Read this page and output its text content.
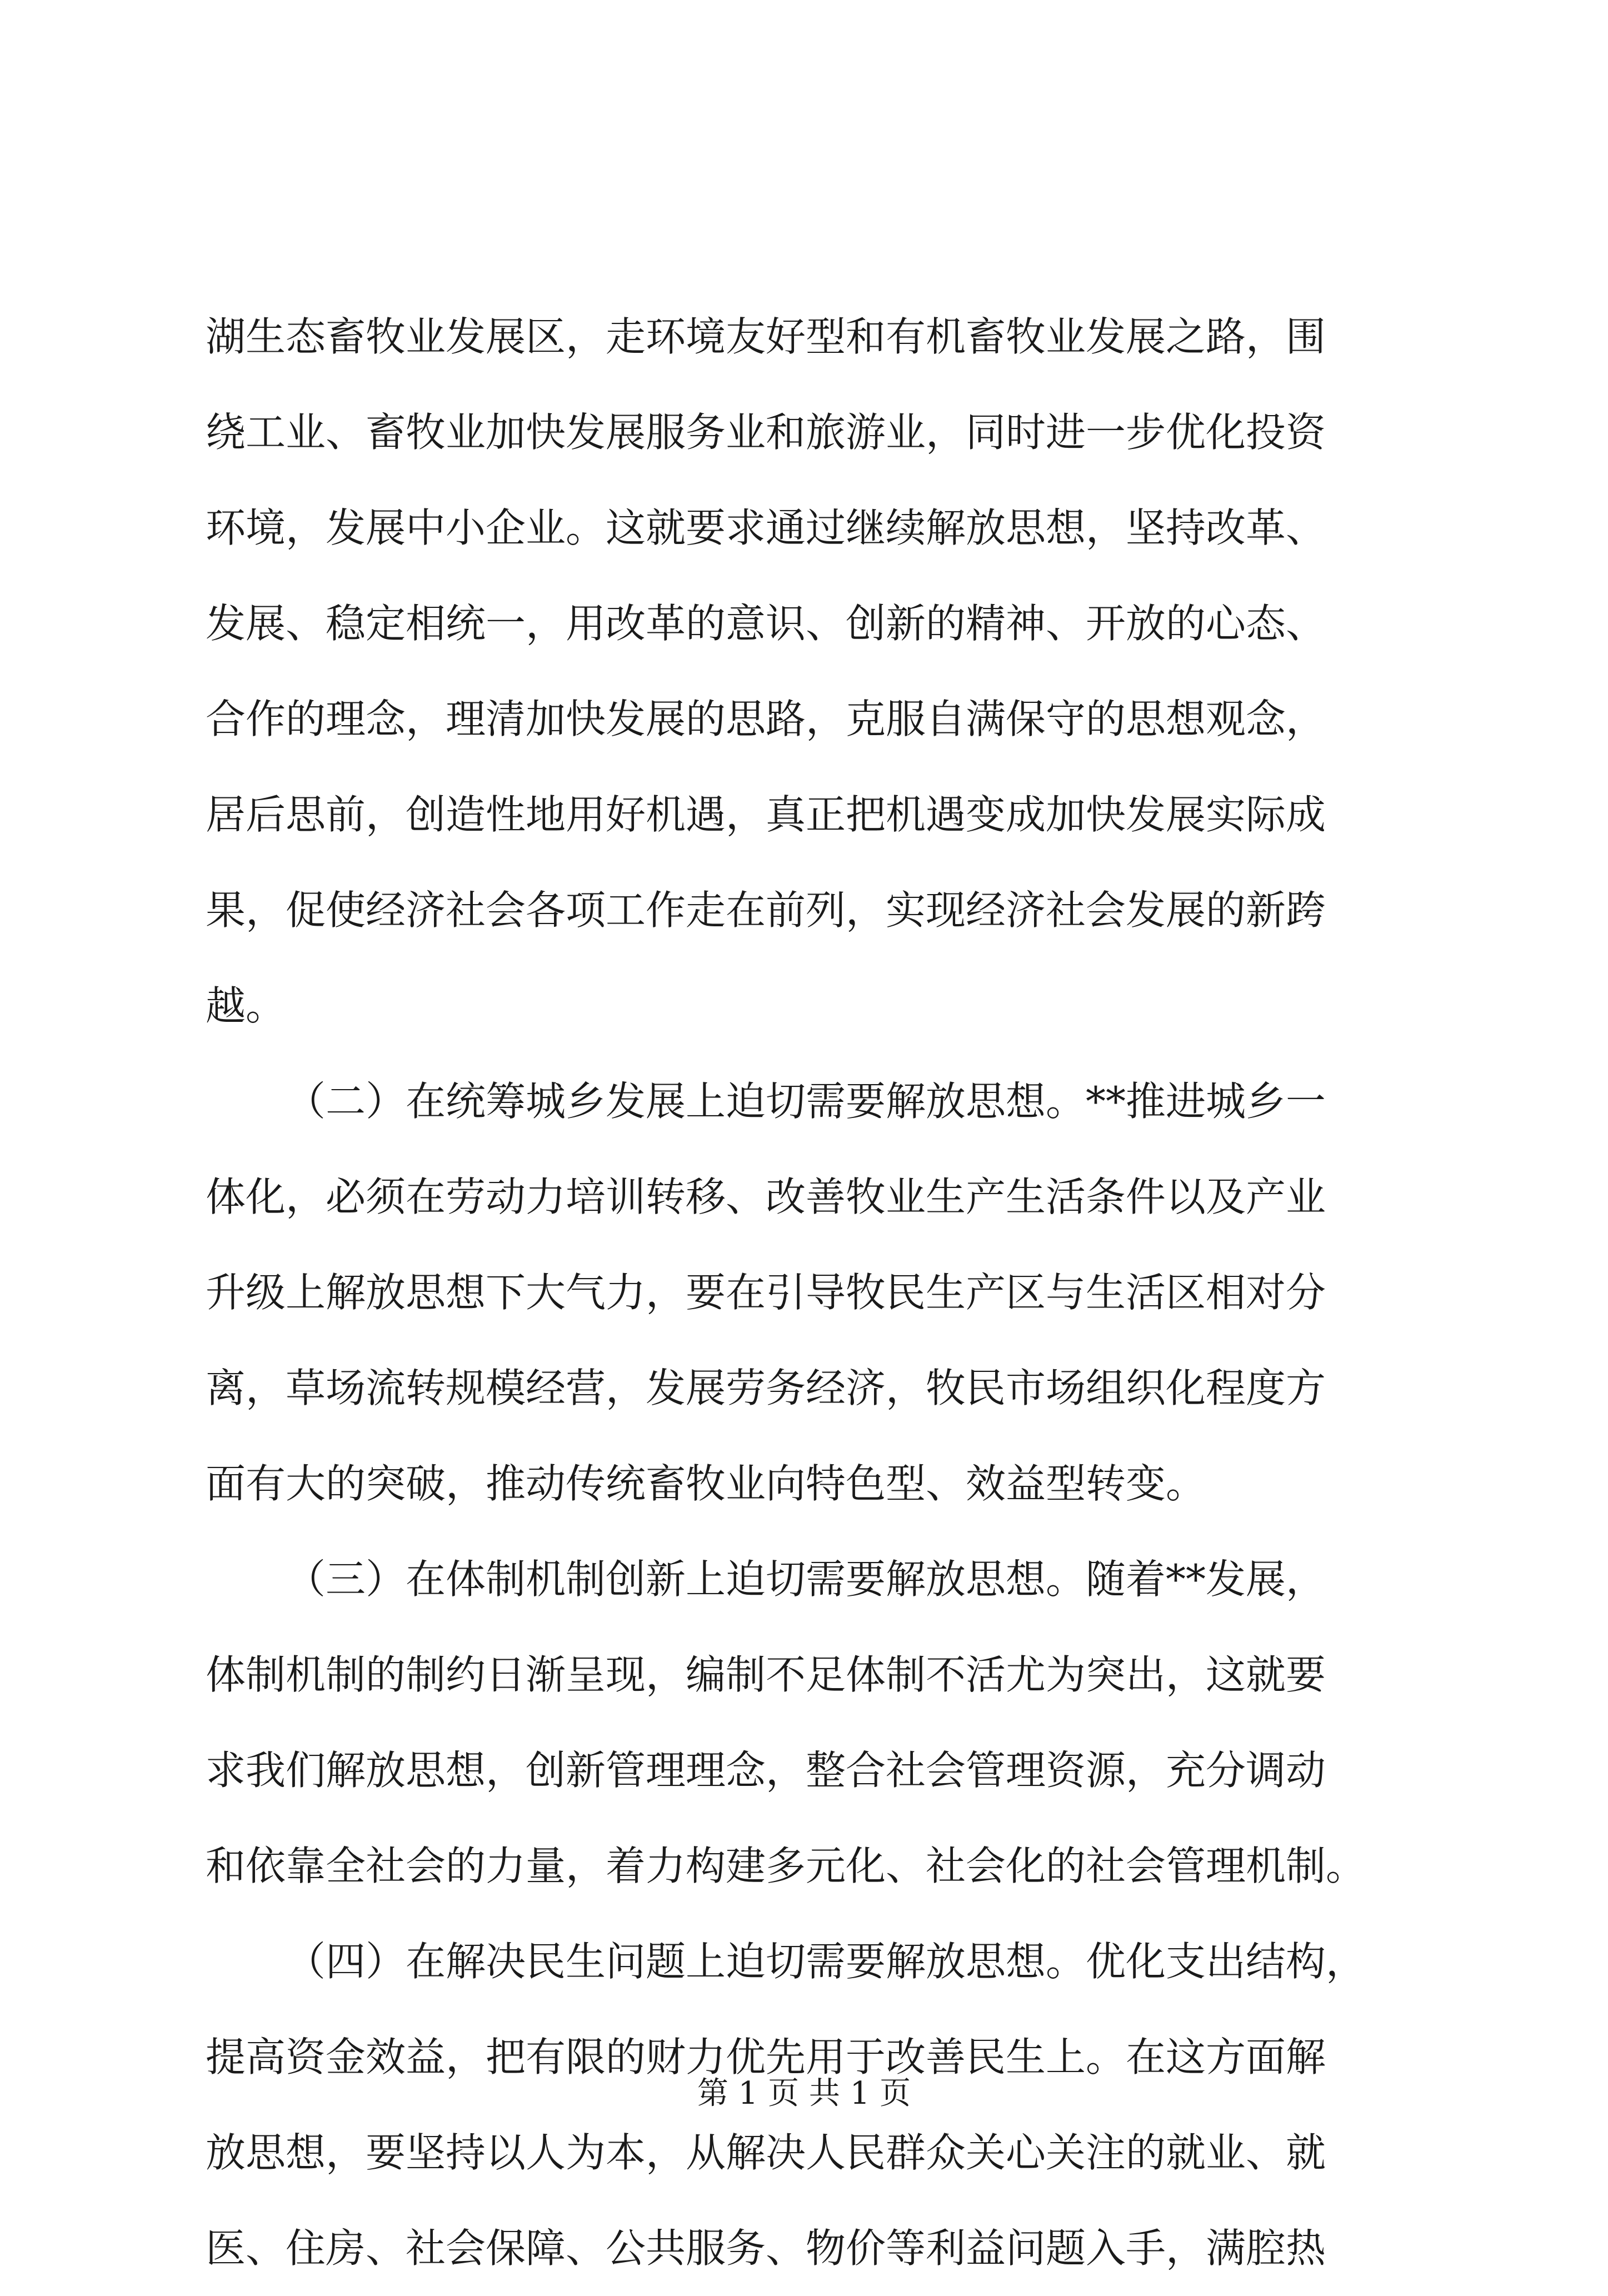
湖生态畜牧业发展区，走环境友好型和有机畜牧业发展之路，围
绕工业、畜牧业加快发展服务业和旅游业，同时进一步优化投资
环境，发展中小企业。这就要求通过继续解放思想，坚持改革、
发展、稳定相统一，用改革的意识、创新的精神、开放的心态、
合作的理念，理清加快发展的思路，克服自满保守的思想观念，
居后思前，创造性地用好机遇，真正把机遇变成加快发展实际成
果，促使经济社会各项工作走在前列，实现经济社会发展的新跨
越。
（二）在统筹城乡发展上迫切需要解放思想。**推进城乡一
体化，必须在劳动力培训转移、改善牧业生产生活条件以及产业
升级上解放思想下大气力，要在引导牧民生产区与生活区相对分
离，草场流转规模经营，发展劳务经济，牧民市场组织化程度方
面有大的突破，推动传统畜牧业向特色型、效益型转变。
（三）在体制机制创新上迫切需要解放思想。随着**发展，
体制机制的制约日渐呈现，编制不足体制不活尤为突出，这就要
求我们解放思想，创新管理理念，整合社会管理资源，充分调动
和依靠全社会的力量，着力构建多元化、社会化的社会管理机制。
（四）在解决民生问题上迫切需要解放思想。优化支出结构，
提高资金效益，把有限的财力优先用于改善民生上。在这方面解
放思想，要坚持以人为本，从解决人民群众关心关注的就业、就
医、住房、社会保障、公共服务、物价等利益问题入手，满腔热
第 1 页 共 1 页
